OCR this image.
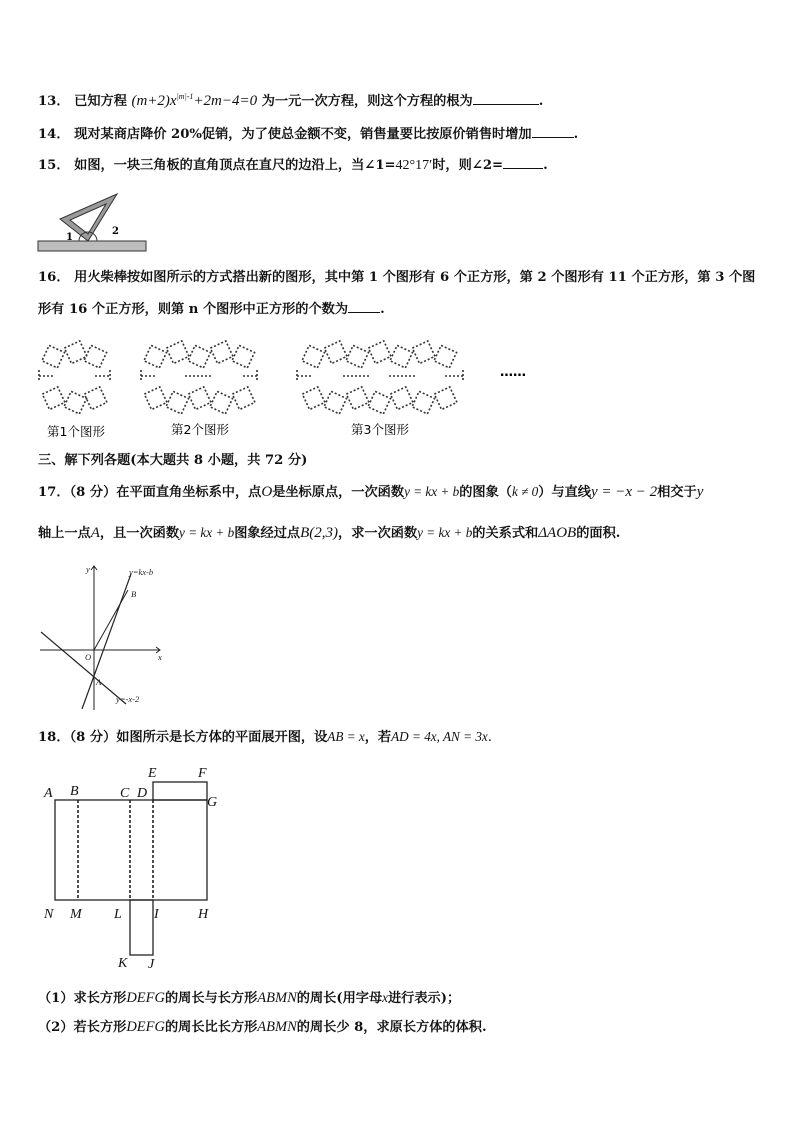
13． 已知方程 $(m+2)x^{|m|-1}+2m-4=0$ 为一元一次方程，则这个方程的根为	.
14． 现对某商店降价 20%促销，为了使总金额不变，销售量要比按原价销售时增加	.
15． 如图，一块三角板的直角顶点在直尺的边沿上，当∠1=42°17′时，则∠2=	.
1
2
16． 用火柴棒按如图所示的方式搭出新的图形，其中第 1 个图形有 6 个正方形，第 2 个图形有 11 个正方形，第 3 个图
形有 16 个正方形，则第 n 个图形中正方形的个数为 .
……
第1个图形	第2个图形	第3个图形
三、解下列各题(本大题共 8 小题，共 72 分)
17．（8 分）在平面直角坐标系中，点O是坐标原点，一次函数y = kx + b的图象（k ≠ 0）与直线y = −x − 2相交于y
轴上一点A，且一次函数y = kx + b图象经过点B(2,3)，求一次函数y = kx + b的关系式和ΔAOB的面积.
y
x
O
A
B
y=kx-b
y=-x-2
18．（8 分）如图所示是长方体的平面展开图，设AB = x，若AD = 4x, AN = 3x.
A B	C D
E	F
G
H
I
J
K
L
M
N
（1）求长方形DEFG的周长与长方形ABMN的周长(用字母x进行表示)；
（2）若长方形DEFG的周长比长方形ABMN的周长少 8，求原长方体的体积.
